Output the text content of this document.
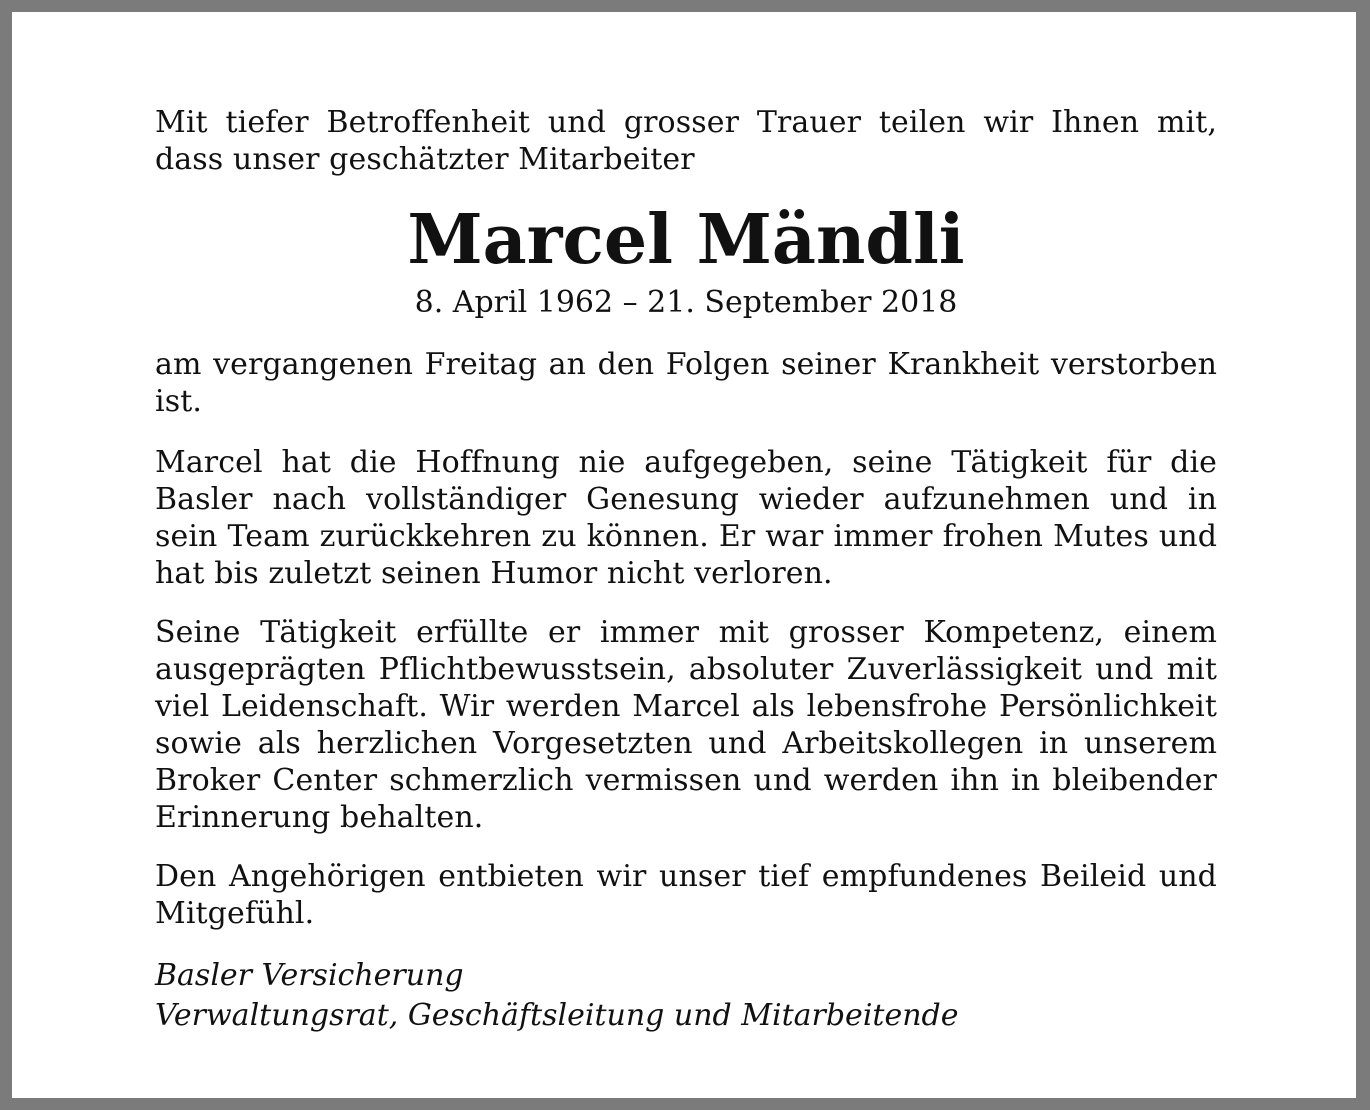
Mit tiefer Betroffenheit und grosser Trauer teilen wir Ihnen mit, dass unser geschätzter Mitarbeiter

Marcel Mändli
8. April 1962 – 21. September 2018

am vergangenen Freitag an den Folgen seiner Krankheit verstorben ist.

Marcel hat die Hoffnung nie aufgegeben, seine Tätigkeit für die Basler nach vollständiger Genesung wieder aufzunehmen und in sein Team zurückkehren zu können. Er war immer frohen Mutes und hat bis zuletzt seinen Humor nicht verloren.

Seine Tätigkeit erfüllte er immer mit grosser Kompetenz, einem ausgeprägten Pflichtbewusstsein, absoluter Zuverlässigkeit und mit viel Leidenschaft. Wir werden Marcel als lebensfrohe Persönlichkeit sowie als herzlichen Vorgesetzten und Arbeitskollegen in unserem Broker Center schmerzlich vermissen und werden ihn in bleibender Erinnerung behalten.

Den Angehörigen entbieten wir unser tief empfundenes Beileid und Mitgefühl.

Basler Versicherung
Verwaltungsrat, Geschäftsleitung und Mitarbeitende
